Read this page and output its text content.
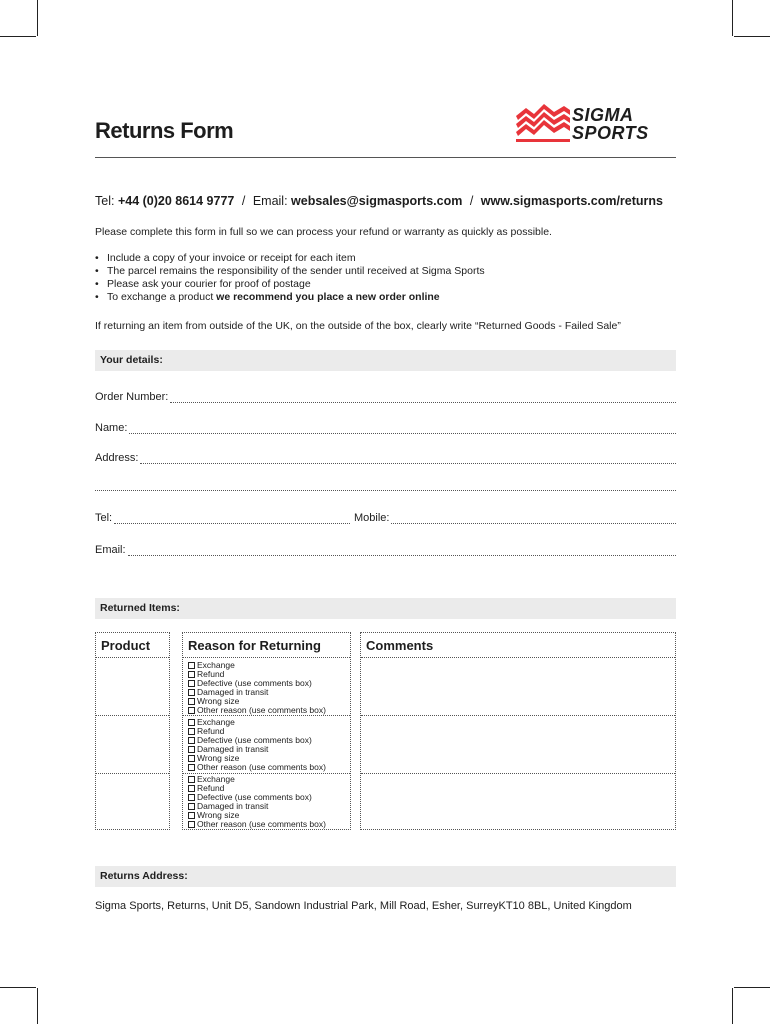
Returns Form
SIGMA
SPORTS
Tel: +44 (0)20 8614 9777 / Email: websales@sigmasports.com / www.sigmasports.com/returns
Please complete this form in full so we can process your refund or warranty as quickly as possible.
• Include a copy of your invoice or receipt for each item
• The parcel remains the responsibility of the sender until received at Sigma Sports
• Please ask your courier for proof of postage
• To exchange a product we recommend you place a new order online
If returning an item from outside of the UK, on the outside of the box, clearly write “Returned Goods - Failed Sale”
Your details:
Order Number:
Name:
Address:
Tel:	Mobile:
Email:
Returned Items:
Product	Reason for Returning
Exchange
Refund
Defective (use comments box)
Damaged in transit
Wrong size
Other reason (use comments box)
Exchange
Refund
Defective (use comments box)
Damaged in transit
Wrong size
Other reason (use comments box)
Exchange
Refund
Defective (use comments box)
Damaged in transit
Wrong size
Other reason (use comments box)
Comments
Returns Address:
Sigma Sports, Returns, Unit D5, Sandown Industrial Park, Mill Road, Esher, SurreyKT10 8BL, United Kingdom
